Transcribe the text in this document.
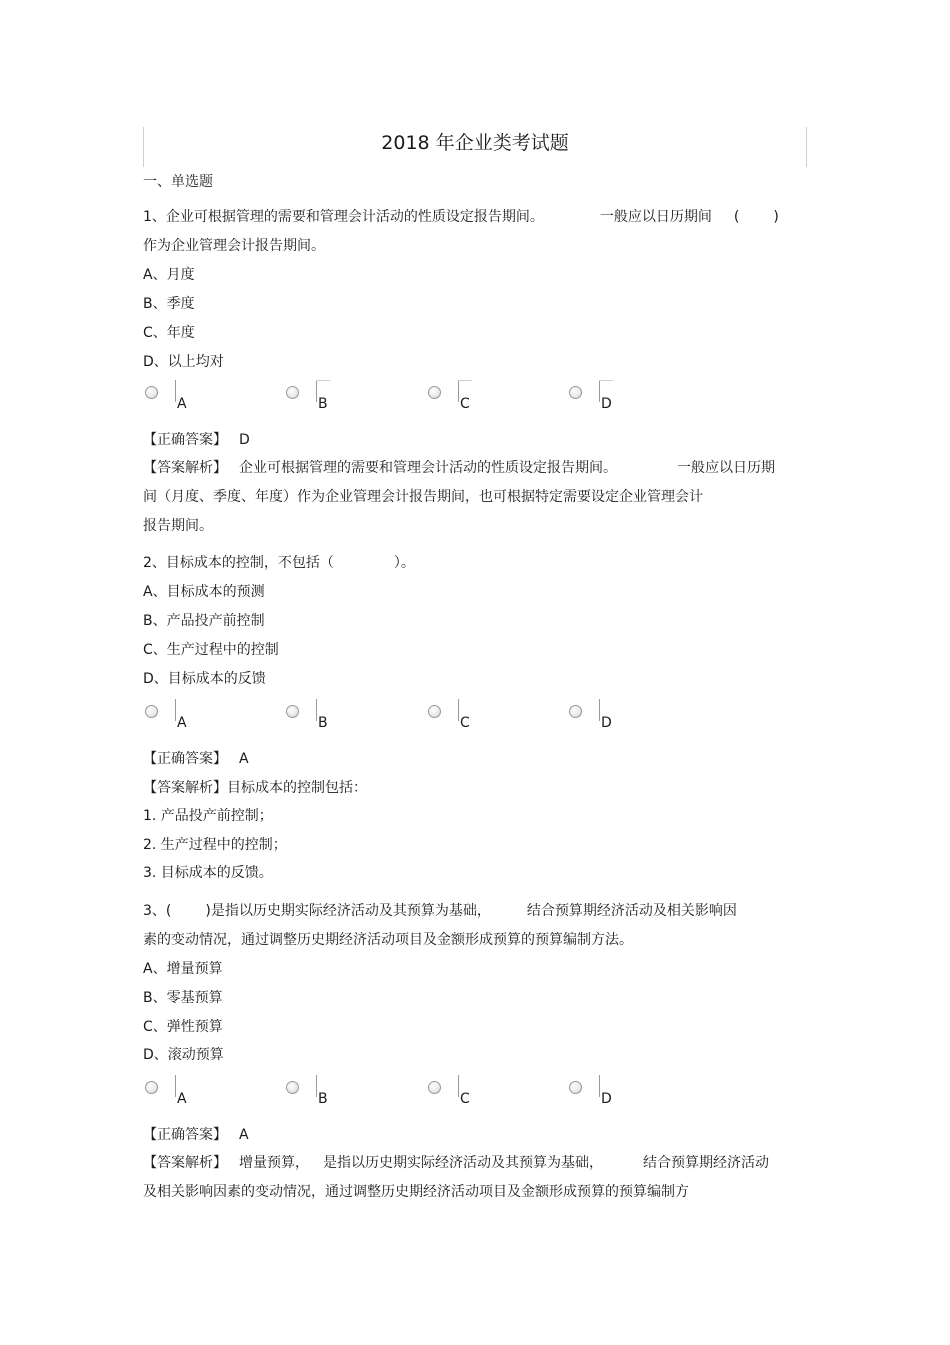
2018 年企业类考试题
一、单选题
1、企业可根据管理的需要和管理会计活动的性质设定报告期间。	一般应以日历期间 ( )
作为企业管理会计报告期间。
A、月度
B、季度
C、年度
D、以上均对
A	B	C	D
【正确答案】 D
【答案解析】 企业可根据管理的需要和管理会计活动的性质设定报告期间。	一般应以日历期
间（月度、季度、年度）作为企业管理会计报告期间，也可根据特定需要设定企业管理会计
报告期间。
2、目标成本的控制，不包括（	）。
A、目标成本的预测
B、产品投产前控制
C、生产过程中的控制
D、目标成本的反馈
A	B	C	D
【正确答案】 A
【答案解析】目标成本的控制包括：
1. 产品投产前控制；
2. 生产过程中的控制；
3. 目标成本的反馈。
3、( )是指以历史期实际经济活动及其预算为基础，	结合预算期经济活动及相关影响因
素的变动情况，通过调整历史期经济活动项目及金额形成预算的预算编制方法。
A、增量预算
B、零基预算
C、弹性预算
D、滚动预算
A	B	C	D
【正确答案】 A
【答案解析】 增量预算， 是指以历史期实际经济活动及其预算为基础，	结合预算期经济活动
及相关影响因素的变动情况，通过调整历史期经济活动项目及金额形成预算的预算编制方
